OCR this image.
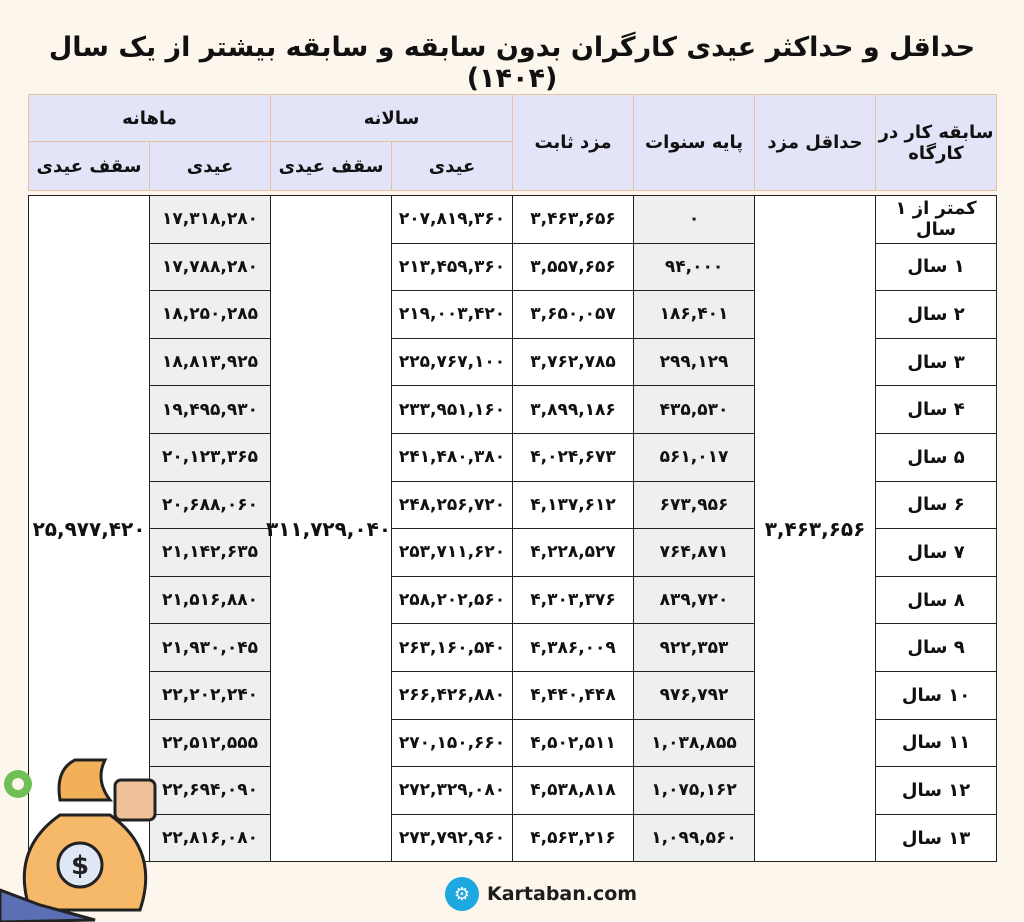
حداقل و حداکثر عیدی کارگران بدون سابقه و سابقه بیشتر از یک سال (۱۴۰۴)
سابقه کار در کارگاه	حداقل مزد	پایه سنوات	مزد ثابت	سالانه		ماهانه	
				عیدی	سقف عیدی	عیدی	سقف عیدی

کمتر از ۱ سال	۳,۴۶۳,۶۵۶	۰	۳,۴۶۳,۶۵۶	۲۰۷,۸۱۹,۳۶۰	۳۱۱,۷۲۹,۰۴۰	۱۷,۳۱۸,۲۸۰	۲۵,۹۷۷,۴۲۰
۱ سال		۹۴,۰۰۰	۳,۵۵۷,۶۵۶	۲۱۳,۴۵۹,۳۶۰		۱۷,۷۸۸,۲۸۰	
۲ سال		۱۸۶,۴۰۱	۳,۶۵۰,۰۵۷	۲۱۹,۰۰۳,۴۲۰		۱۸,۲۵۰,۲۸۵	
۳ سال		۲۹۹,۱۲۹	۳,۷۶۲,۷۸۵	۲۲۵,۷۶۷,۱۰۰		۱۸,۸۱۳,۹۲۵	
۴ سال		۴۳۵,۵۳۰	۳,۸۹۹,۱۸۶	۲۳۳,۹۵۱,۱۶۰		۱۹,۴۹۵,۹۳۰	
۵ سال		۵۶۱,۰۱۷	۴,۰۲۴,۶۷۳	۲۴۱,۴۸۰,۳۸۰		۲۰,۱۲۳,۳۶۵	
۶ سال		۶۷۳,۹۵۶	۴,۱۳۷,۶۱۲	۲۴۸,۲۵۶,۷۲۰		۲۰,۶۸۸,۰۶۰	
۷ سال		۷۶۴,۸۷۱	۴,۲۲۸,۵۲۷	۲۵۳,۷۱۱,۶۲۰		۲۱,۱۴۲,۶۳۵	
۸ سال		۸۳۹,۷۲۰	۴,۳۰۳,۳۷۶	۲۵۸,۲۰۲,۵۶۰		۲۱,۵۱۶,۸۸۰	
۹ سال		۹۲۲,۳۵۳	۴,۳۸۶,۰۰۹	۲۶۳,۱۶۰,۵۴۰		۲۱,۹۳۰,۰۴۵	
۱۰ سال		۹۷۶,۷۹۲	۴,۴۴۰,۴۴۸	۲۶۶,۴۲۶,۸۸۰		۲۲,۲۰۲,۲۴۰	
۱۱ سال		۱,۰۳۸,۸۵۵	۴,۵۰۲,۵۱۱	۲۷۰,۱۵۰,۶۶۰		۲۲,۵۱۲,۵۵۵	
۱۲ سال		۱,۰۷۵,۱۶۲	۴,۵۳۸,۸۱۸	۲۷۲,۳۲۹,۰۸۰		۲۲,۶۹۴,۰۹۰	
۱۳ سال		۱,۰۹۹,۵۶۰	۴,۵۶۳,۲۱۶	۲۷۳,۷۹۲,۹۶۰		۲۲,۸۱۶,۰۸۰	
$
⚙ Kartaban.com
